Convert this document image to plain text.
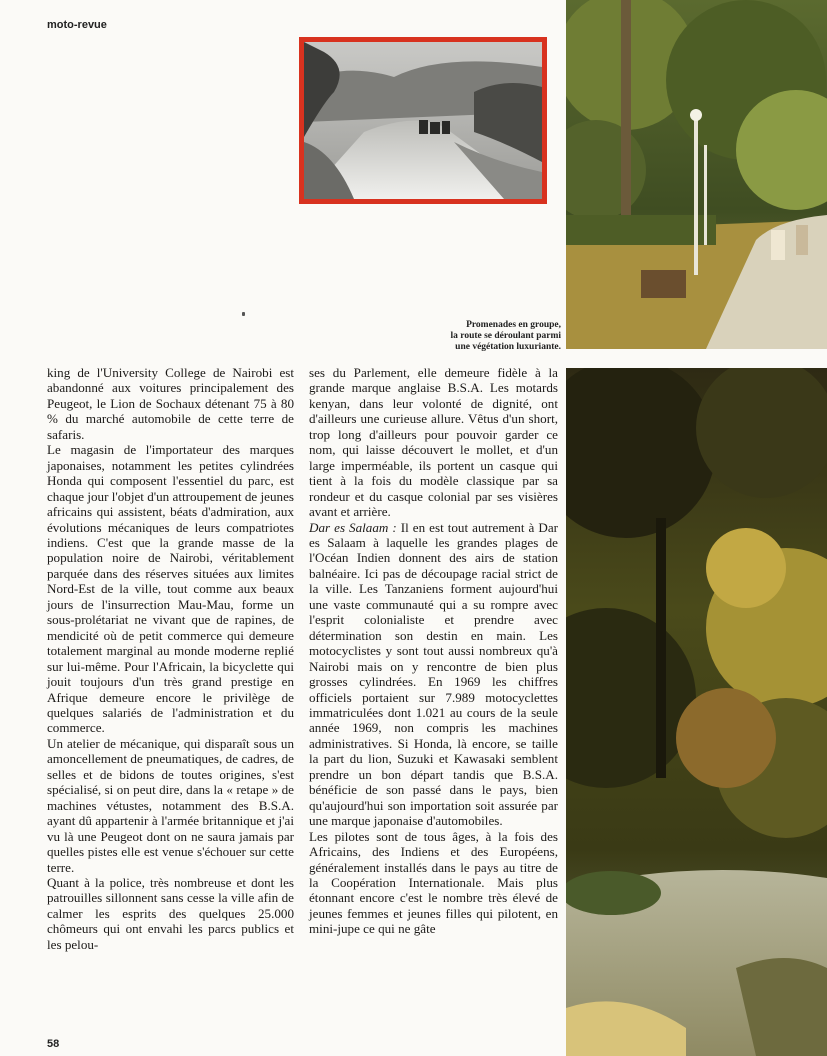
moto-revue
Promenades en groupe,
la route se déroulant parmi
une végétation luxuriante.

king de l'University College de Nairobi est abandonné aux voitures principalement des Peugeot, le Lion de Sochaux détenant 75 à 80 % du marché automobile de cette terre de safaris.

Le magasin de l'importateur des marques japonaises, notamment les petites cylindrées Honda qui composent l'essentiel du parc, est chaque jour l'objet d'un attroupement de jeunes africains qui assistent, béats d'admiration, aux évolutions mécaniques de leurs compatriotes indiens. C'est que la grande masse de la population noire de Nairobi, véritablement parquée dans des réserves situées aux limites Nord-Est de la ville, tout comme aux beaux jours de l'insurrection Mau-Mau, forme un sous-prolétariat ne vivant que de rapines, de mendicité où de petit commerce qui demeure totalement marginal au monde moderne replié sur lui-même. Pour l'Africain, la bicyclette qui jouit toujours d'un très grand prestige en Afrique demeure encore le privilège de quelques salariés de l'administration et du commerce.

Un atelier de mécanique, qui disparaît sous un amoncellement de pneumatiques, de cadres, de selles et de bidons de toutes origines, s'est spécialisé, si on peut dire, dans la « retape » de machines vétustes, notamment des B.S.A. ayant dû appartenir à l'armée britannique et j'ai vu là une Peugeot dont on ne saura jamais par quelles pistes elle est venue s'échouer sur cette terre.

Quant à la police, très nombreuse et dont les patrouilles sillonnent sans cesse la ville afin de calmer les esprits des quelques 25.000 chômeurs qui ont envahi les parcs publics et les pelou-

ses du Parlement, elle demeure fidèle à la grande marque anglaise B.S.A. Les motards kenyan, dans leur volonté de dignité, ont d'ailleurs une curieuse allure. Vêtus d'un short, trop long d'ailleurs pour pouvoir garder ce nom, qui laisse découvert le mollet, et d'un large imperméable, ils portent un casque qui tient à la fois du modèle classique par sa rondeur et du casque colonial par ses visières avant et arrière.

Dar es Salaam : Il en est tout autrement à Dar es Salaam à laquelle les grandes plages de l'Océan Indien donnent des airs de station balnéaire. Ici pas de découpage racial strict de la ville. Les Tanzaniens forment aujourd'hui une vaste communauté qui a su rompre avec l'esprit colonialiste et prendre avec détermination son destin en main. Les motocyclistes y sont tout aussi nombreux qu'à Nairobi mais on y rencontre de bien plus grosses cylindrées. En 1969 les chiffres officiels portaient sur 7.989 motocyclettes immatriculées dont 1.021 au cours de la seule année 1969, non compris les machines administratives. Si Honda, là encore, se taille la part du lion, Suzuki et Kawasaki semblent prendre un bon départ tandis que B.S.A. bénéficie de son passé dans le pays, bien qu'aujourd'hui son importation soit assurée par une marque japonaise d'automobiles.

Les pilotes sont de tous âges, à la fois des Africains, des Indiens et des Européens, généralement installés dans le pays au titre de la Coopération Internationale. Mais plus étonnant encore c'est le nombre très élevé de jeunes femmes et jeunes filles qui pilotent, en mini-jupe ce qui ne gâte

58
